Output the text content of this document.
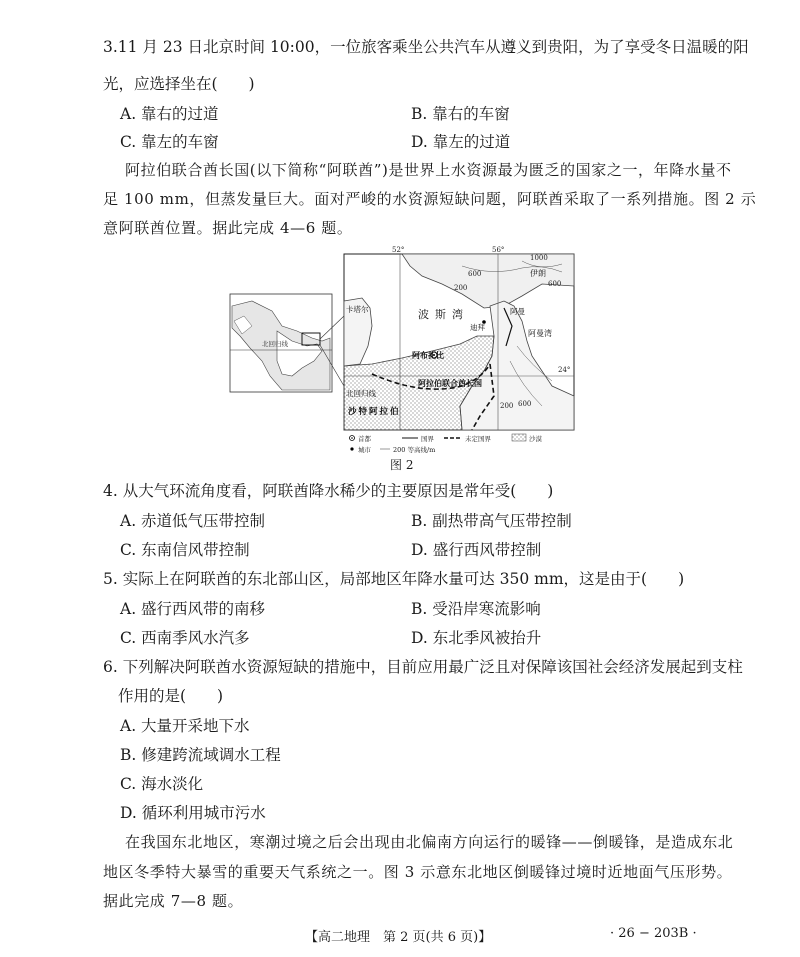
3.11 月 23 日北京时间 10:00，一位旅客乘坐公共汽车从遵义到贵阳，为了享受冬日温暖的阳
光，应选择坐在(　　)
A. 靠右的过道	B. 靠右的车窗
C. 靠左的车窗	D. 靠左的过道
阿拉伯联合酋长国(以下简称“阿联酋”)是世界上水资源最为匮乏的国家之一，年降水量不
足 100 mm，但蒸发量巨大。面对严峻的水资源短缺问题，阿联酋采取了一系列措施。图 2 示
意阿联酋位置。据此完成 4—6 题。
北回归线
52°	56°
24°
1000
600
600
200
200 600
伊朗
波斯湾
迪拜
阿曼湾
阿曼
卡塔尔
阿布扎比
阿拉伯联合酋长国
北回归线
沙特阿拉伯
首都	国界	未定国界	沙漠
城市	200 等高线/m
图 2
4. 从大气环流角度看，阿联酋降水稀少的主要原因是常年受(　　)
A. 赤道低气压带控制	B. 副热带高气压带控制
C. 东南信风带控制	D. 盛行西风带控制
5. 实际上在阿联酋的东北部山区，局部地区年降水量可达 350 mm，这是由于(　　)
A. 盛行西风带的南移	B. 受沿岸寒流影响
C. 西南季风水汽多	D. 东北季风被抬升
6. 下列解决阿联酋水资源短缺的措施中，目前应用最广泛且对保障该国社会经济发展起到支柱
作用的是(　　)
A. 大量开采地下水
B. 修建跨流域调水工程
C. 海水淡化
D. 循环利用城市污水
在我国东北地区，寒潮过境之后会出现由北偏南方向运行的暖锋——倒暖锋，是造成东北
地区冬季特大暴雪的重要天气系统之一。图 3 示意东北地区倒暖锋过境时近地面气压形势。
据此完成 7—8 题。
【高二地理　第 2 页(共 6 页)】	· 26 − 203B ·
